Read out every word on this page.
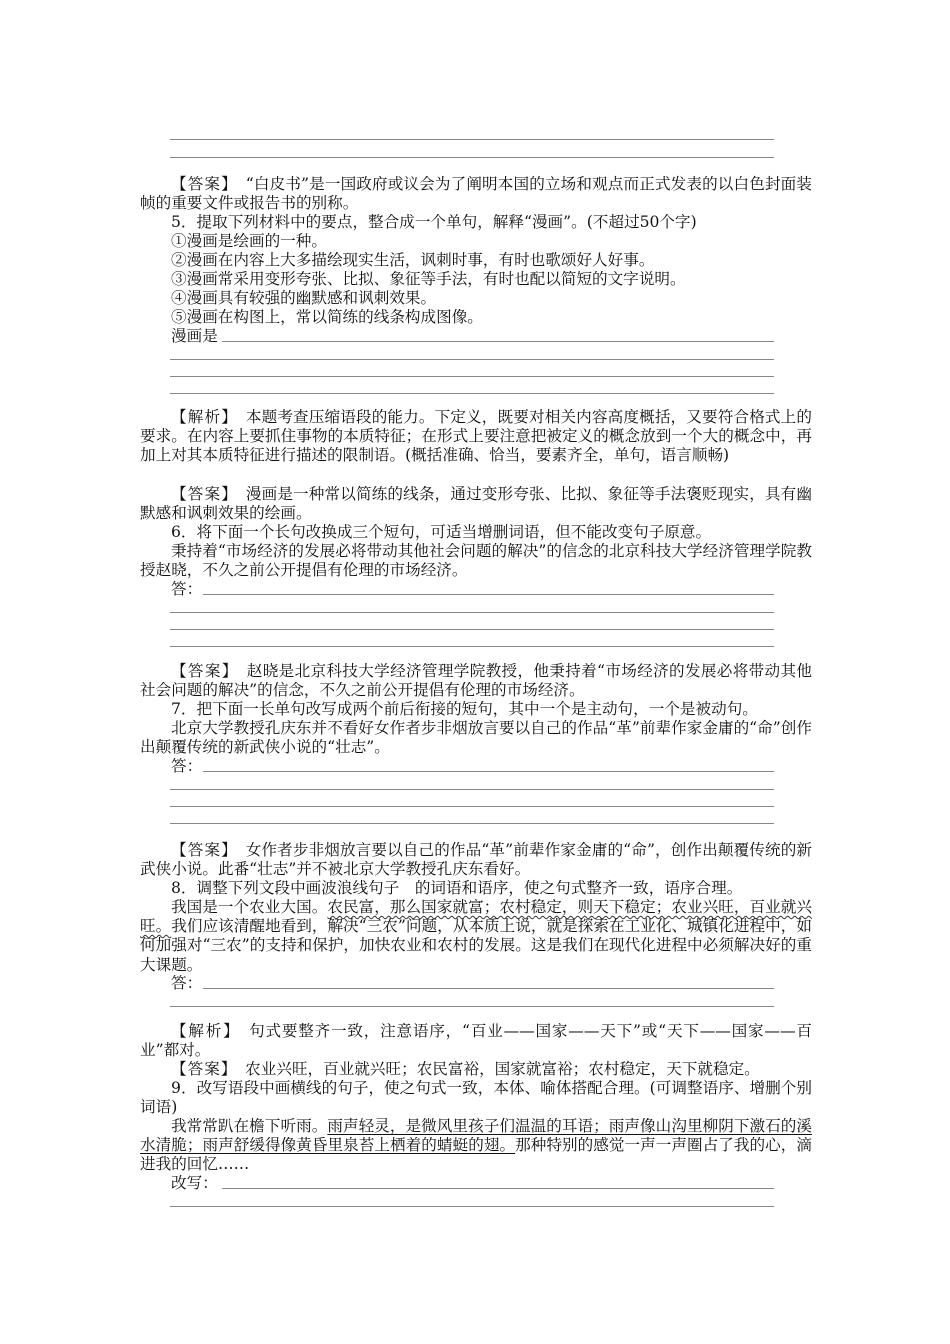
【答案】　“白皮书”是一国政府或议会为了阐明本国的立场和观点而正式发表的以白色封面装帧的重要文件或报告书的别称。

5．提取下列材料中的要点，整合成一个单句，解释“漫画”。(不超过50个字)

①漫画是绘画的一种。

②漫画在内容上大多描绘现实生活，讽刺时事，有时也歌颂好人好事。

③漫画常采用变形夸张、比拟、象征等手法，有时也配以简短的文字说明。

④漫画具有较强的幽默感和讽刺效果。

⑤漫画在构图上，常以简练的线条构成图像。

漫画是

【解析】　本题考查压缩语段的能力。下定义，既要对相关内容高度概括，又要符合格式上的要求。在内容上要抓住事物的本质特征；在形式上要注意把被定义的概念放到一个大的概念中，再加上对其本质特征进行描述的限制语。(概括准确、恰当，要素齐全，单句，语言顺畅)

【答案】　漫画是一种常以简练的线条，通过变形夸张、比拟、象征等手法褒贬现实，具有幽默感和讽刺效果的绘画。

6．将下面一个长句改换成三个短句，可适当增删词语，但不能改变句子原意。

秉持着“市场经济的发展必将带动其他社会问题的解决”的信念的北京科技大学经济管理学院教授赵晓，不久之前公开提倡有伦理的市场经济。

答：

【答案】　赵晓是北京科技大学经济管理学院教授，他秉持着“市场经济的发展必将带动其他社会问题的解决”的信念，不久之前公开提倡有伦理的市场经济。

7．把下面一长单句改写成两个前后衔接的短句，其中一个是主动句，一个是被动句。

北京大学教授孔庆东并不看好女作者步非烟放言要以自己的作品“革”前辈作家金庸的“命”创作出颠覆传统的新武侠小说的“壮志”。

答：

【答案】　女作者步非烟放言要以自己的作品“革”前辈作家金庸的“命”，创作出颠覆传统的新武侠小说。此番“壮志”并不被北京大学教授孔庆东看好。

8．调整下列文段中画波浪线句子　的词语和语序，使之句式整齐一致，语序合理。

我国是一个农业大国。农民富，那么国家就富；农村稳定，则天下稳定；农业兴旺，百业就兴旺。我们应该清醒地看到，解决“三农”问题，从本质上说，就是探索在工业化、城镇化进程中，如何加强对“三农”的支持和保护，加快农业和农村的发展。这是我们在现代化进程中必须解决好的重大课题。

答：

【解析】　句式要整齐一致，注意语序，“百业——国家——天下”或“天下——国家——百业”都对。

【答案】　农业兴旺，百业就兴旺；农民富裕，国家就富裕；农村稳定，天下就稳定。

9．改写语段中画横线的句子，使之句式一致，本体、喻体搭配合理。(可调整语序、增删个别词语)

我常常趴在檐下听雨。雨声轻灵，是微风里孩子们温温的耳语；雨声像山沟里柳阴下激石的溪水清脆；雨声舒缓得像黄昏里泉苔上栖着的蜻蜓的翅。那种特别的感觉一声一声圈占了我的心，滴进我的回忆……

改写：
